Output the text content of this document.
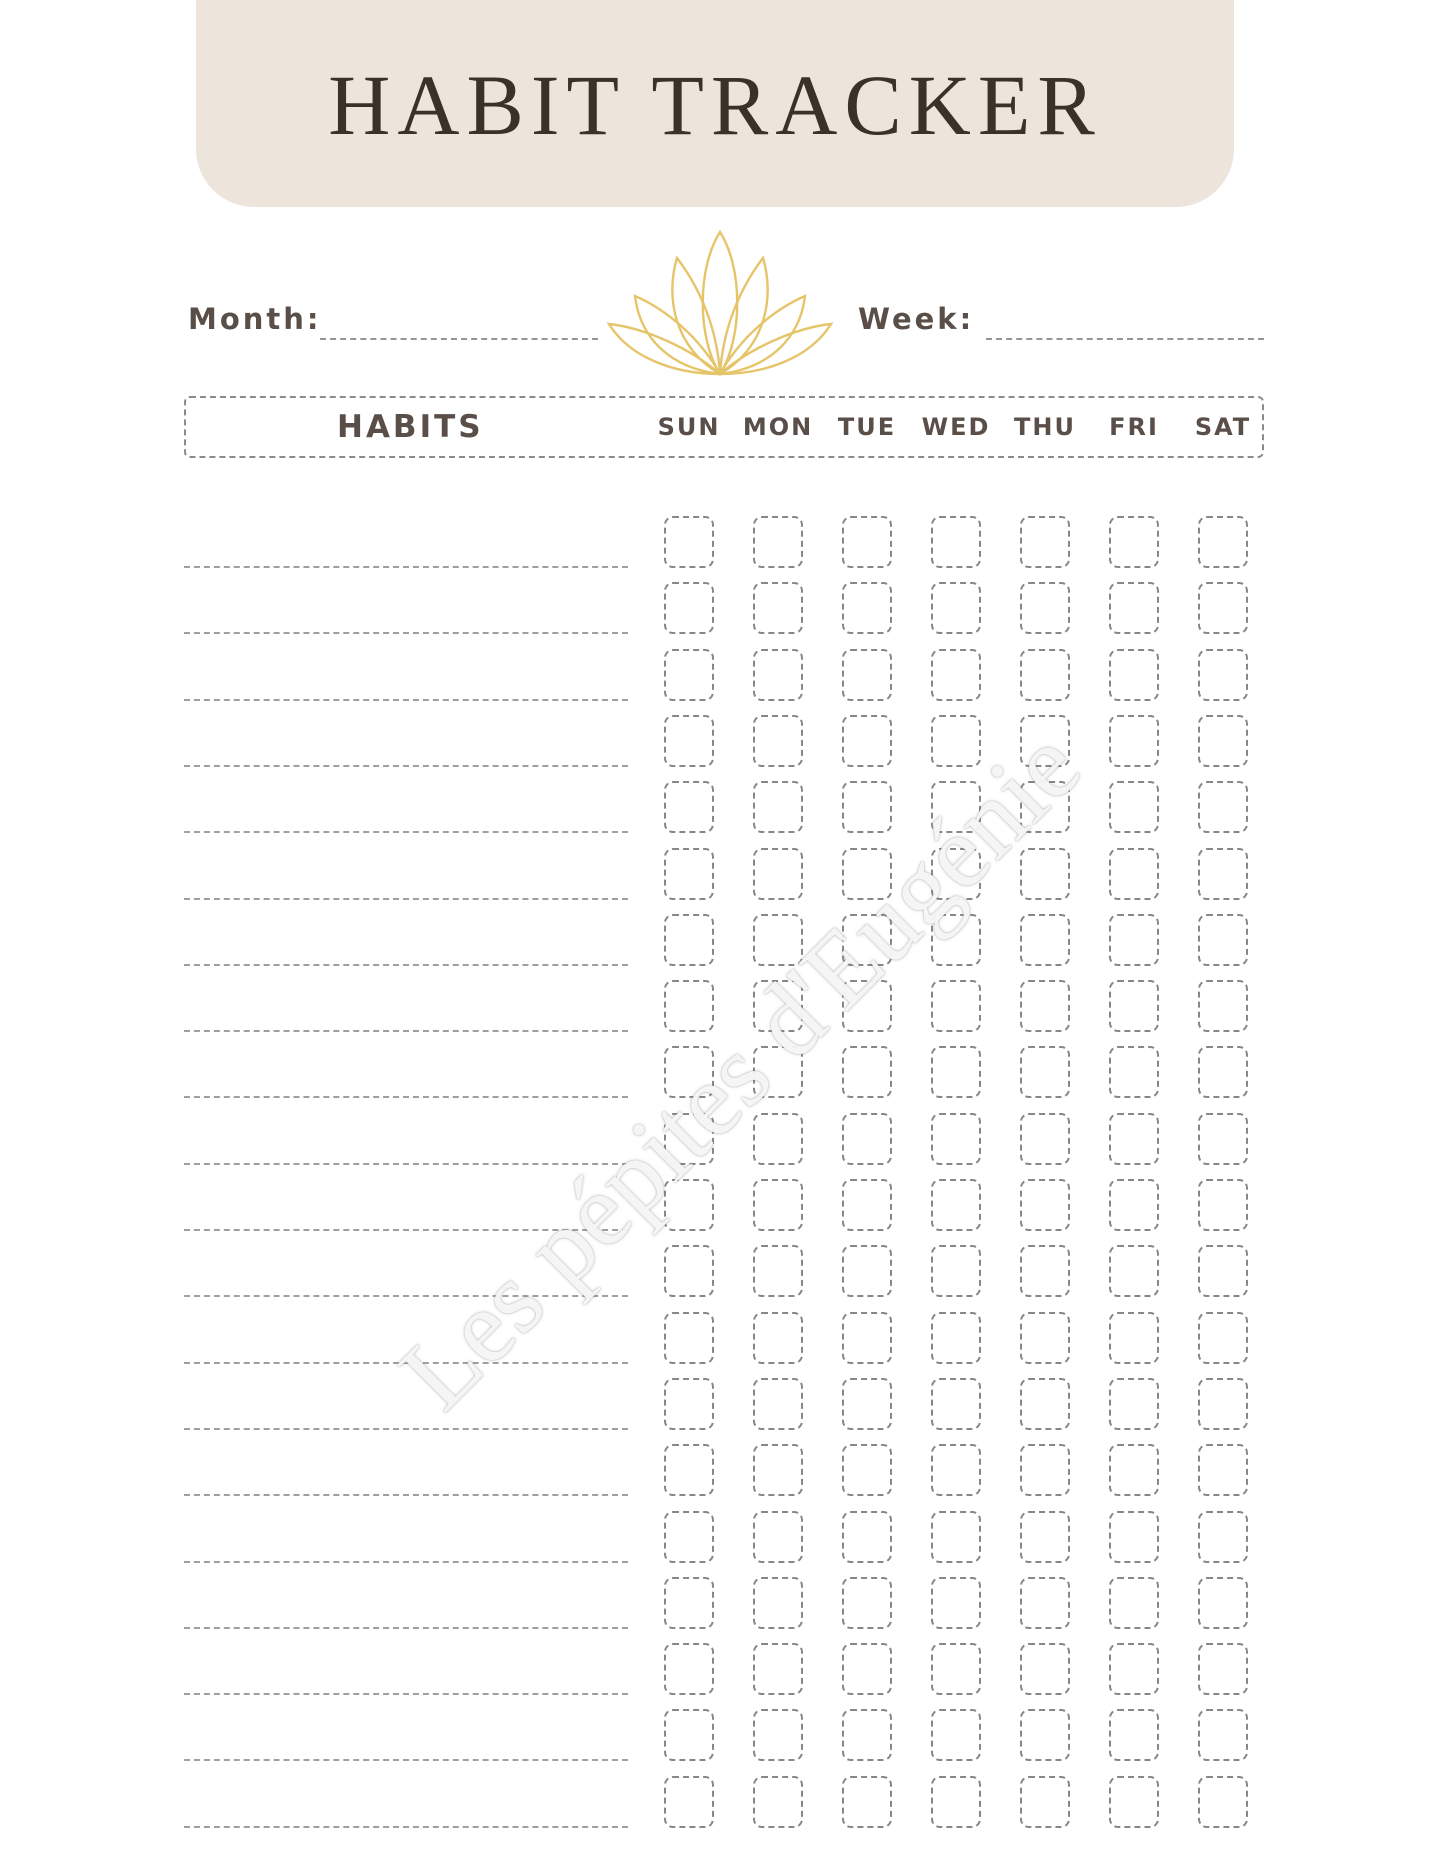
HABIT TRACKER
Month:	Week:
HABITS	SUN MON	TUE	WED THU	FRI	SAT
Les pépites d'Eugénie
